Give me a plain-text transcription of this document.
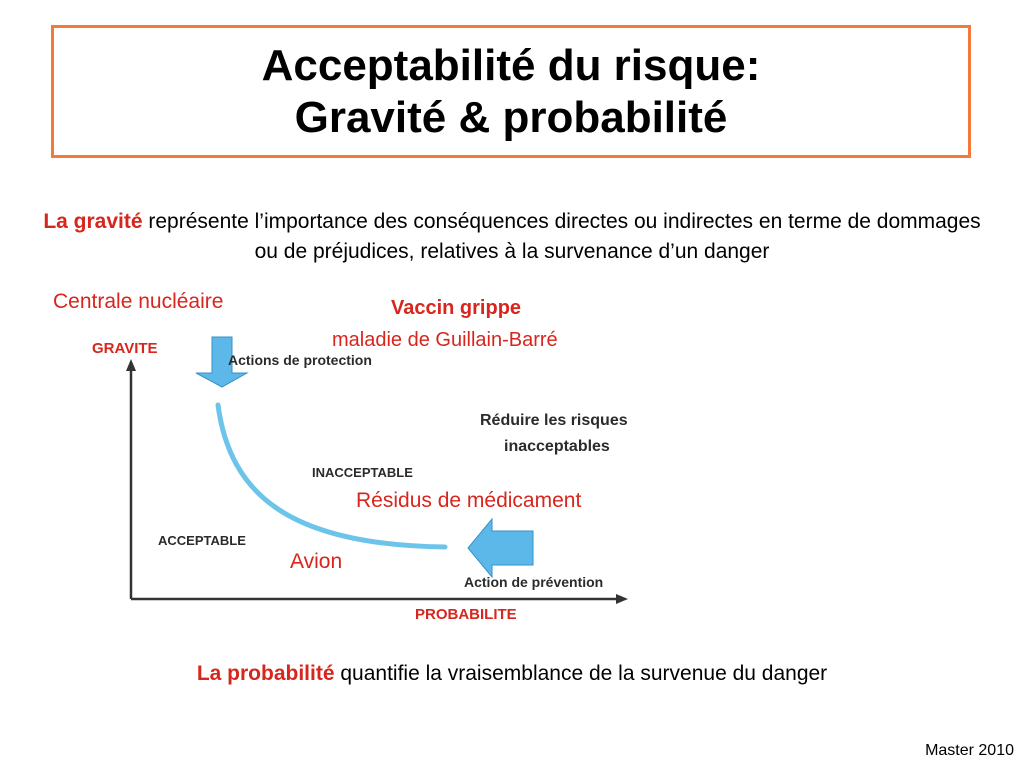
Acceptabilité du risque:
Gravité & probabilité
La gravité représente l’importance des conséquences directes ou indirectes en terme de dommages ou de préjudices, relatives à la survenance d’un danger
Centrale nucléaire	Vaccin grippe
maladie de Guillain-Barré
GRAVITE
PROBABILITE
Actions de protection
Action de prévention
Réduire les risques
inacceptables
INACCEPTABLE
ACCEPTABLE
Résidus de médicament
Avion
La probabilité quantifie la vraisemblance de la survenue du danger
Master 2010
